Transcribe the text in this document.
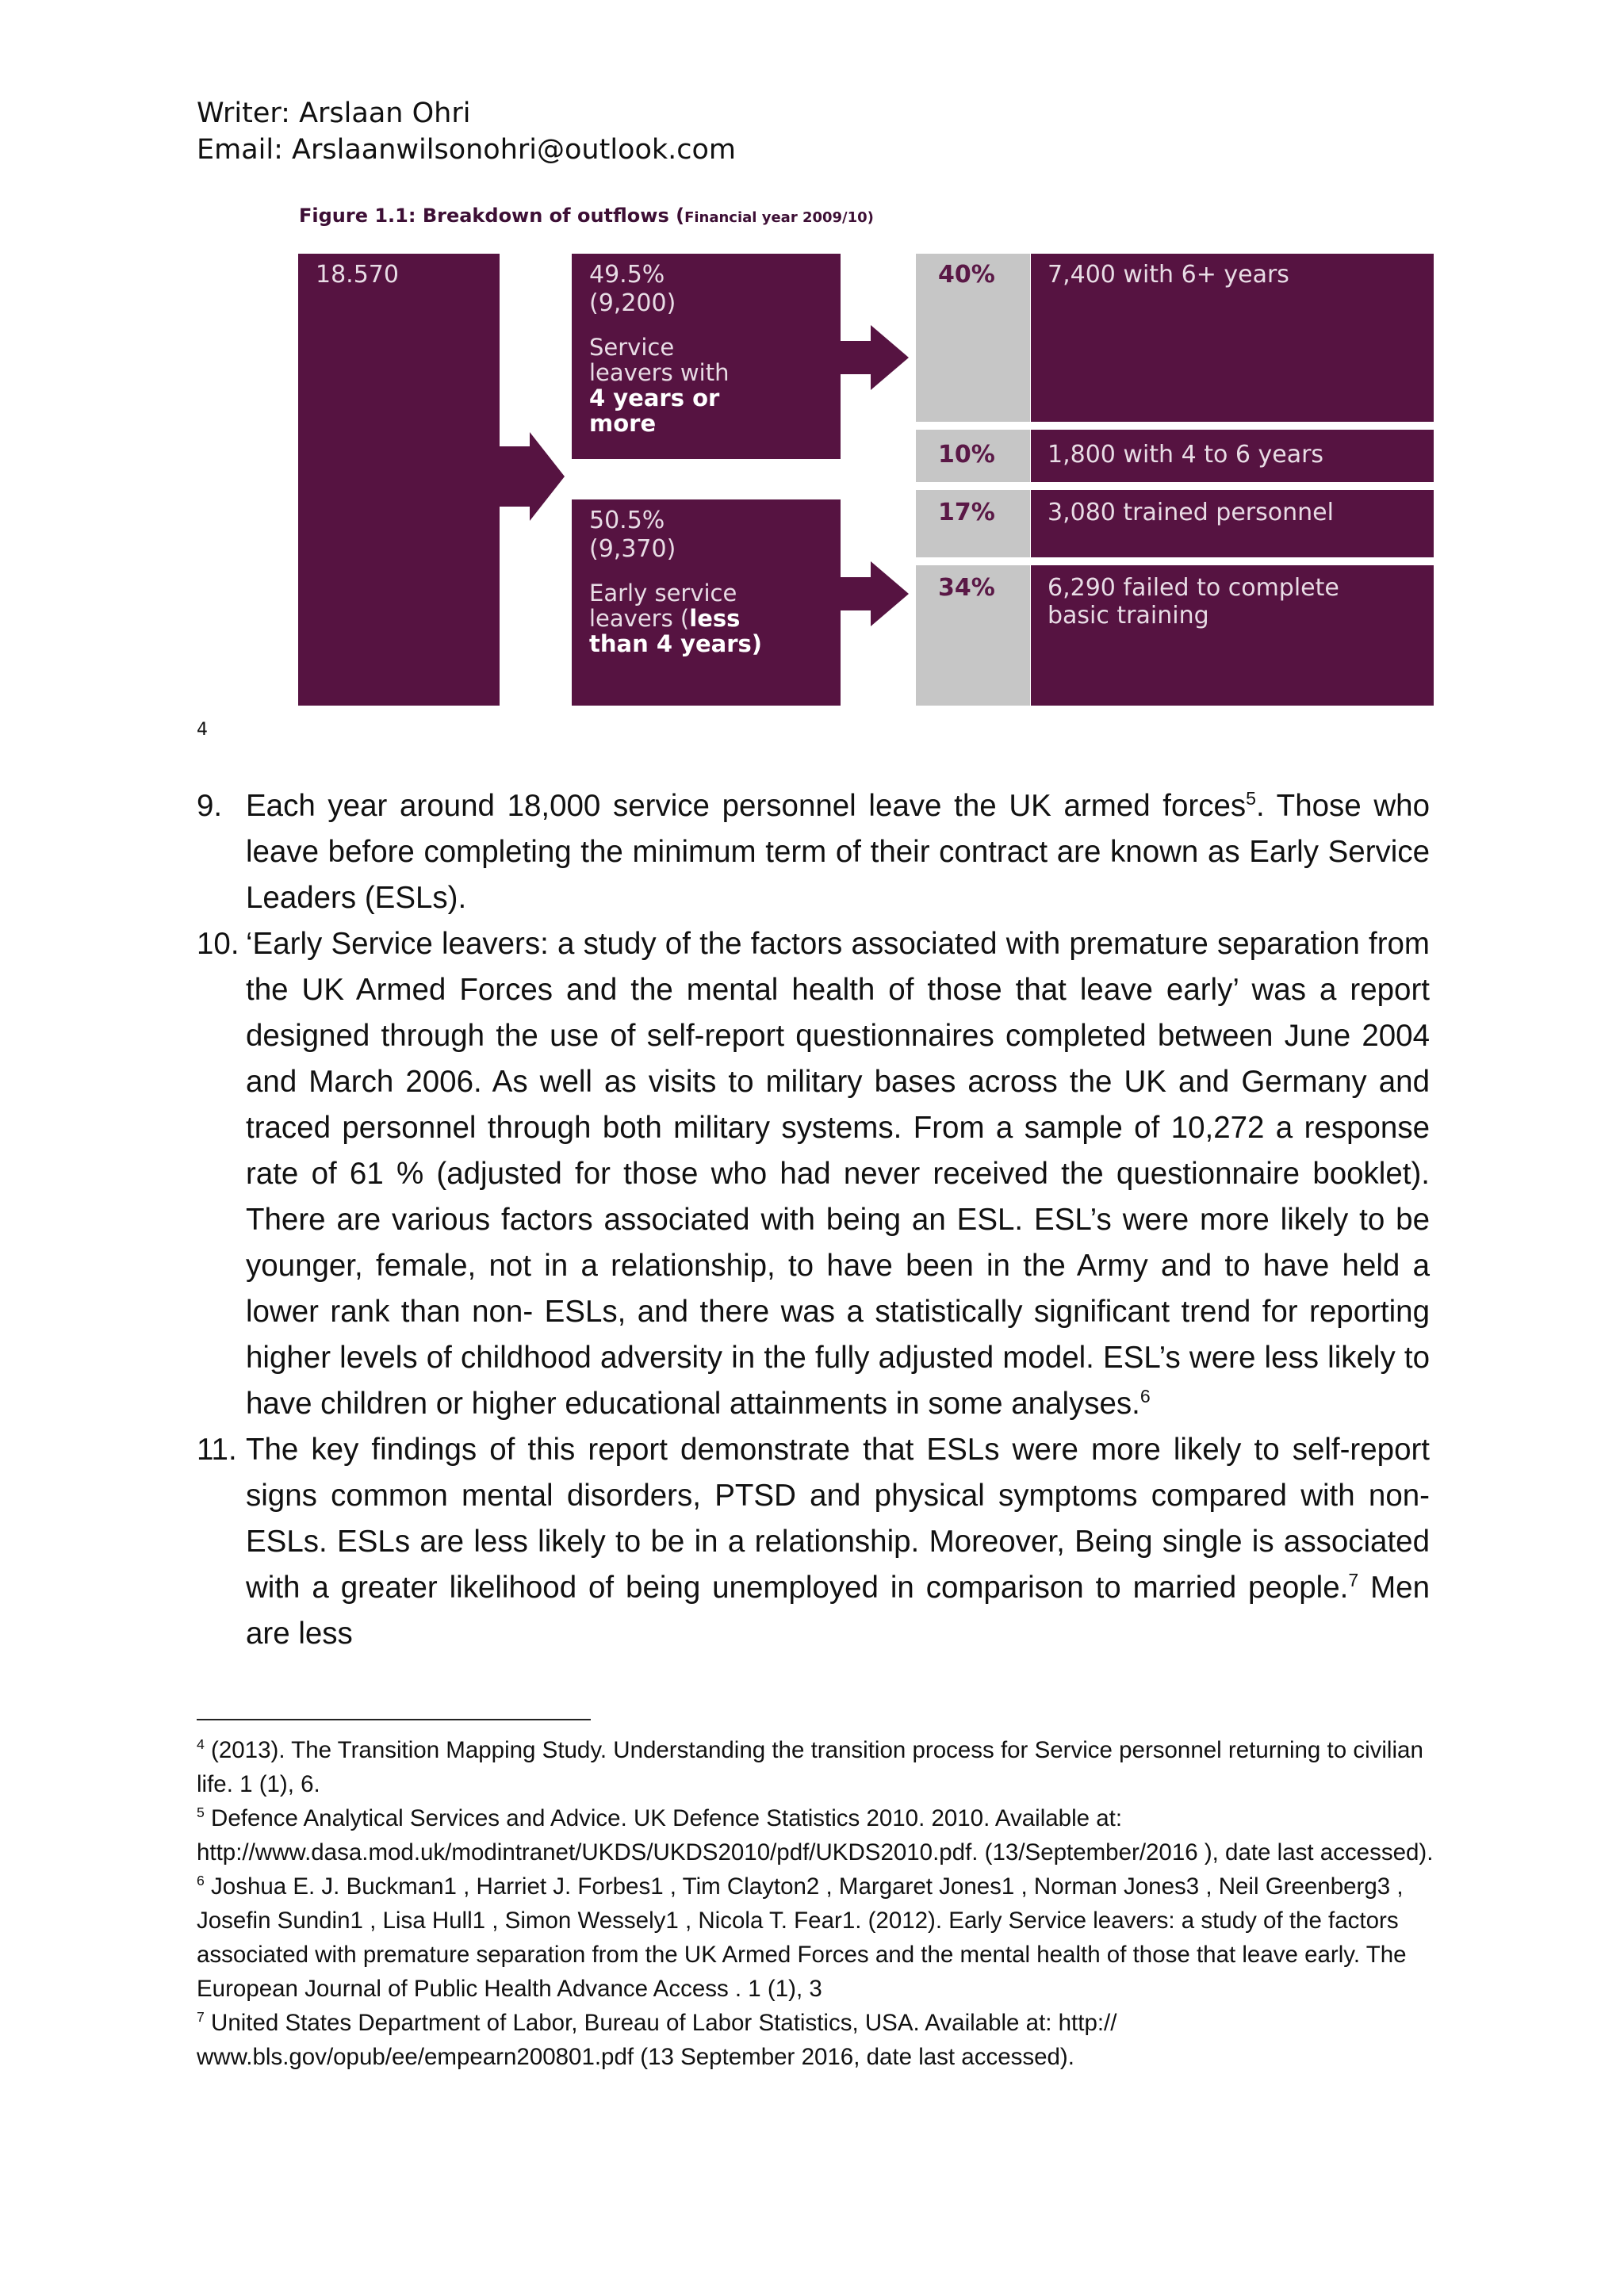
Writer: Arslaan Ohri
Email: Arslaanwilsonohri@outlook.com
Figure 1.1: Breakdown of outflows (Financial year 2009/10)
18.570	49.5%
(9,200)
Service
leavers with
4 years or
more
50.5%
(9,370)
Early service
leavers (less
than 4 years)
40%
10%
17%
34%
7,400 with 6+ years
1,800 with 4 to 6 years
3,080 trained personnel
6,290 failed to complete
basic training
4
9. Each year around 18,000 service personnel leave the UK armed forces$^5$. Those who leave before completing the minimum term of their contract are known as Early Service Leaders (ESLs).
10. ‘Early Service leavers: a study of the factors associated with premature separation from the UK Armed Forces and the mental health of those that leave early’ was a report designed through the use of self-report questionnaires completed between June 2004 and March 2006. As well as visits to military bases across the UK and Germany and traced personnel through both military systems. From a sample of 10,272 a response rate of 61 % (adjusted for those who had never received the questionnaire booklet). There are various factors associated with being an ESL. ESL’s were more likely to be younger, female, not in a relationship, to have been in the Army and to have held a lower rank than non- ESLs, and there was a statistically significant trend for reporting higher levels of childhood adversity in the fully adjusted model. ESL’s were less likely to have children or higher educational attainments in some analyses.$^6$
11. The key findings of this report demonstrate that ESLs were more likely to self-report signs common mental disorders, PTSD and physical symptoms compared with non-ESLs. ESLs are less likely to be in a relationship. Moreover, Being single is associated with a greater likelihood of being unemployed in comparison to married people.$^7$ Men are less

$^4$ (2013). The Transition Mapping Study. Understanding the transition process for Service personnel returning to civilian life. 1 (1), 6.

$^5$ Defence Analytical Services and Advice. UK Defence Statistics 2010. 2010. Available at: http://www.dasa.mod.uk/modintranet/UKDS/UKDS2010/pdf/UKDS2010.pdf. (13/September/2016 ), date last accessed).

$^6$ Joshua E. J. Buckman1 , Harriet J. Forbes1 , Tim Clayton2 , Margaret Jones1 , Norman Jones3 , Neil Greenberg3 , Josefin Sundin1 , Lisa Hull1 , Simon Wessely1 , Nicola T. Fear1. (2012). Early Service leavers: a study of the factors associated with premature separation from the UK Armed Forces and the mental health of those that leave early. The European Journal of Public Health Advance Access . 1 (1), 3

$^7$ United States Department of Labor, Bureau of Labor Statistics, USA. Available at: http:// www.bls.gov/opub/ee/empearn200801.pdf (13 September 2016, date last accessed).
